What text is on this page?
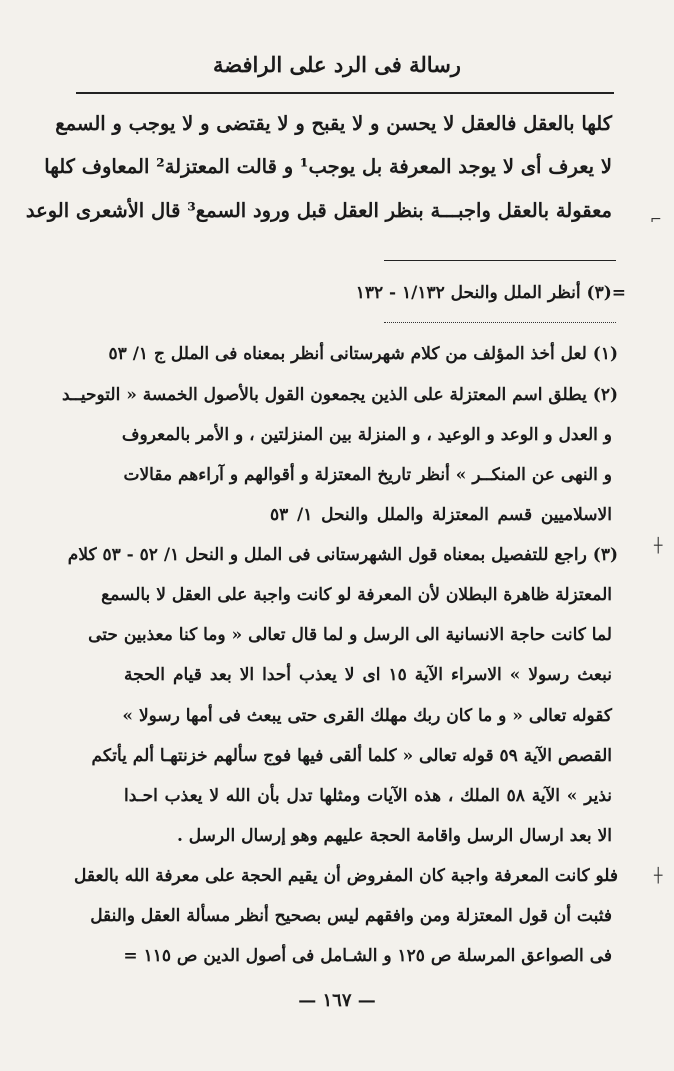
رسالة فى الرد على الرافضة
كلها بالعقل فالعقل لا يحسن و لا يقبح و لا يقتضى و لا يوجب و السمع
لا يعرف أى لا يوجد المعرفة بل يوجب¹ و قالت المعتزلة² المعاوف كلها
معقولة بالعقل واجبـــة بنظر العقل قبل ورود السمع³ قال الأشعرى الوعد
=(٣) أنظر الملل والنحل ١/١٣٢ - ١٣٢
(١) لعل أخذ المؤلف من كلام شهرستانى أنظر بمعناه فى الملل ج ١/ ٥٣
(٢) يطلق اسم المعتزلة على الذين يجمعون القول بالأصول الخمسة « التوحيــد
و العدل و الوعد و الوعيد ، و المنزلة بين المنزلتين ، و الأمر بالمعروف
و النهى عن المنكــر » أنظر تاريخ المعتزلة و أقوالهم و آراءهم مقالات
الاسلاميين قسم المعتزلة والملل والنحل ١/ ٥٣
(٣) راجع للتفصيل بمعناه قول الشهرستانى فى الملل و النحل ١/ ٥٢ - ٥٣ كلام
المعتزلة ظاهرة البطلان لأن المعرفة لو كانت واجبة على العقل لا بالسمع
لما كانت حاجة الانسانية الى الرسل و لما قال تعالى « وما كنا معذبين حتى
نبعث رسولا » الاسراء الآية ١٥ اى لا يعذب أحدا الا بعد قيام الحجة
كقوله تعالى « و ما كان ربك مهلك القرى حتى يبعث فى أمها رسولا »
القصص الآية ٥٩ قوله تعالى « كلما ألقى فيها فوج سألهم خزنتهـا ألم يأتكم
نذير » الآية ٥٨ الملك ، هذه الآيات ومثلها تدل بأن الله لا يعذب احـدا
الا بعد ارسال الرسل واقامة الحجة عليهم وهو إرسال الرسل .
فلو كانت المعرفة واجبة كان المفروض أن يقيم الحجة على معرفة الله بالعقل
فثبت أن قول المعتزلة ومن وافقهم ليس بصحيح أنظر مسألة العقل والنقل
فى الصواعق المرسلة ص ١٢٥ و الشـامل فى أصول الدين ص ١١٥ =
— ١٦٧ —
⌐
┼
┼
